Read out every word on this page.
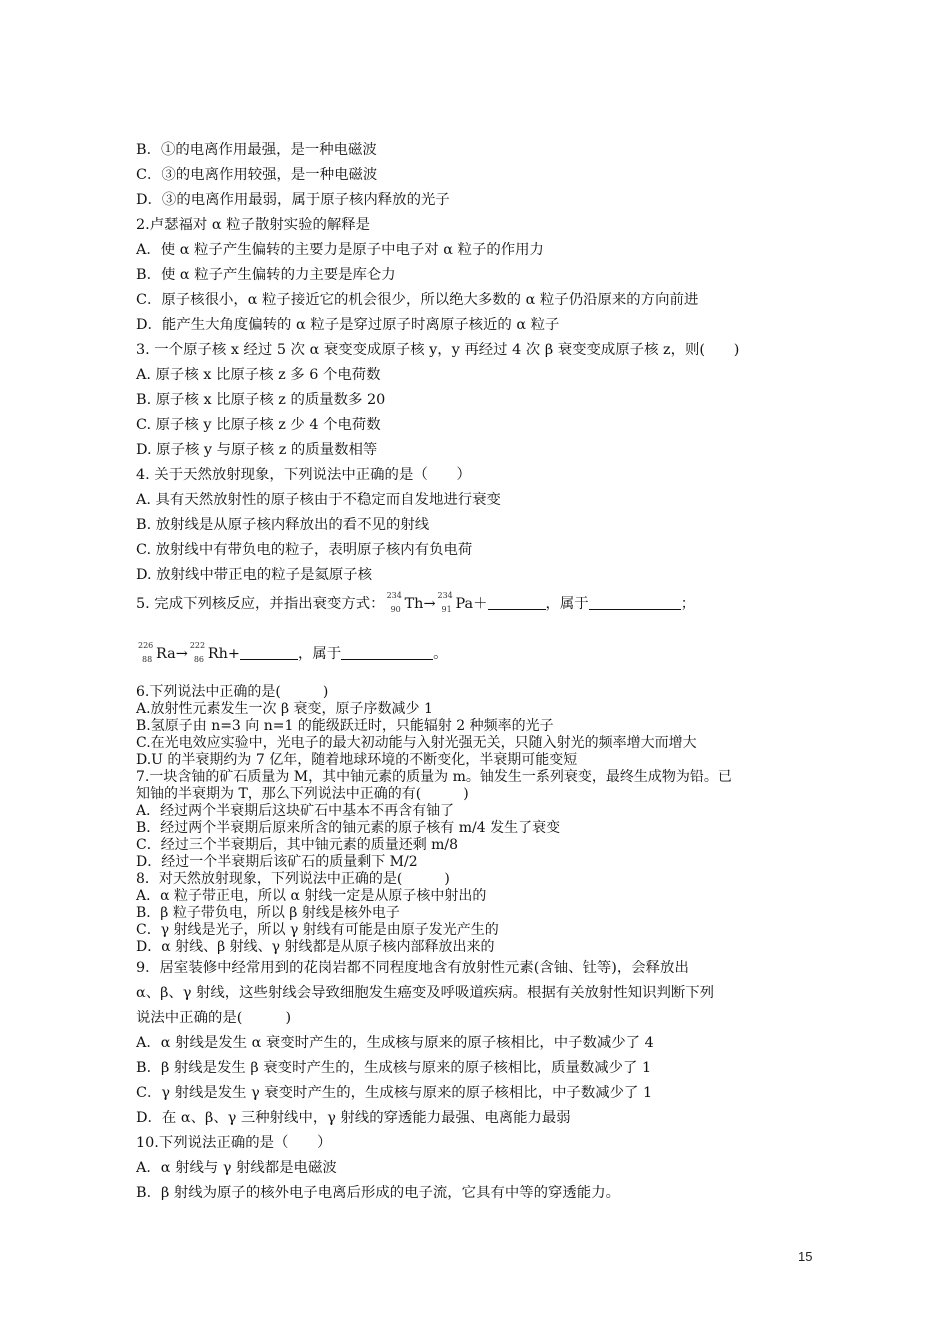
B．①的电离作用最强，是一种电磁波
C．③的电离作用较强，是一种电磁波
D．③的电离作用最弱，属于原子核内释放的光子
2.卢瑟福对 α 粒子散射实验的解释是
A．使 α 粒子产生偏转的主要力是原子中电子对 α 粒子的作用力
B．使 α 粒子产生偏转的力主要是库仑力
C．原子核很小，α 粒子接近它的机会很少，所以绝大多数的 α 粒子仍沿原来的方向前进
D．能产生大角度偏转的 α 粒子是穿过原子时离原子核近的 α 粒子
3. 一个原子核 x 经过 5 次 α 衰变变成原子核 y，y 再经过 4 次 β 衰变变成原子核 z，则(　　)
A. 原子核 x 比原子核 z 多 6 个电荷数
B. 原子核 x 比原子核 z 的质量数多 20
C. 原子核 y 比原子核 z 少 4 个电荷数
D. 原子核 y 与原子核 z 的质量数相等
4. 关于天然放射现象，下列说法中正确的是（　　）
A. 具有天然放射性的原子核由于不稳定而自发地进行衰变
B. 放射线是从原子核内释放出的看不见的射线
C. 放射线中有带负电的粒子，表明原子核内有负电荷
D. 放射线中带正电的粒子是氦原子核
5. 完成下列核反应，并指出衰变方式：
234
90 Th→
234
91 Pa＋	，属于	；
226
88 Ra→
222
86 Rh+	，属于	。
6.下列说法中正确的是(　　　)
A.放射性元素发生一次 β 衰变，原子序数减少 1
B.氢原子由 n=3 向 n=1 的能级跃迁时，只能辐射 2 种频率的光子
C.在光电效应实验中，光电子的最大初动能与入射光强无关，只随入射光的频率增大而增大
D.U 的半衰期约为 7 亿年，随着地球环境的不断变化，半衰期可能变短
7.一块含铀的矿石质量为 M，其中铀元素的质量为 m。铀发生一系列衰变，最终生成物为铅。已
知铀的半衰期为 T，那么下列说法中正确的有(　　　)
A．经过两个半衰期后这块矿石中基本不再含有铀了
B．经过两个半衰期后原来所含的铀元素的原子核有 m/4 发生了衰变
C．经过三个半衰期后，其中铀元素的质量还剩 m/8
D．经过一个半衰期后该矿石的质量剩下 M/2
8．对天然放射现象，下列说法中正确的是(　　　)
A．α 粒子带正电，所以 α 射线一定是从原子核中射出的
B．β 粒子带负电，所以 β 射线是核外电子
C．γ 射线是光子，所以 γ 射线有可能是由原子发光产生的
D．α 射线、β 射线、γ 射线都是从原子核内部释放出来的
9．居室装修中经常用到的花岗岩都不同程度地含有放射性元素(含铀、钍等)，会释放出
α、β、γ 射线，这些射线会导致细胞发生癌变及呼吸道疾病。根据有关放射性知识判断下列
说法中正确的是(　　　)
A．α 射线是发生 α 衰变时产生的，生成核与原来的原子核相比，中子数减少了 4
B．β 射线是发生 β 衰变时产生的，生成核与原来的原子核相比，质量数减少了 1
C．γ 射线是发生 γ 衰变时产生的，生成核与原来的原子核相比，中子数减少了 1
D．在 α、β、γ 三种射线中，γ 射线的穿透能力最强、电离能力最弱
10.下列说法正确的是（　　）
A．α 射线与 γ 射线都是电磁波
B．β 射线为原子的核外电子电离后形成的电子流，它具有中等的穿透能力。
15
